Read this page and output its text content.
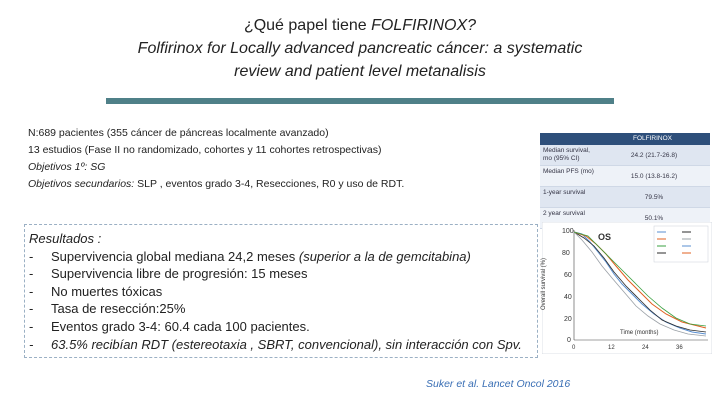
¿Qué papel tiene FOLFIRINOX?
Folfirinox for Locally advanced pancreatic cáncer: a systematic
review and patient level metanalisis
N:689 pacientes (355 cáncer de páncreas localmente avanzado)
13 estudios (Fase II no randomizado, cohortes y 11 cohortes retrospectivas)
Objetivos 1º: SG
Objetivos secundarios: SLP , eventos grado 3-4, Resecciones, R0 y uso de RDT.
FOLFIRINOX
Median survival, mo (95% CI)	24.2 (21.7-26.8)
Median PFS (mo)
15.0 (13.8-16.2)
1-year survival
79.5%
2 year survival
50.1%
Resultados :
- Supervivencia global mediana 24,2 meses (superior a la de gemcitabina)
- Supervivencia libre de progresión: 15 meses
- No muertes tóxicas
- Tasa de resección:25%
- Eventos grado 3-4: 60.4 cada 100 pacientes.
- 63.5% recibían RDT (estereotaxia , SBRT, convencional), sin interacción con Spv.
100
80
60
40
20
0
0	12	24	36
Time (months)
OS
Overall survival (%)
Suker et al. Lancet Oncol 2016
